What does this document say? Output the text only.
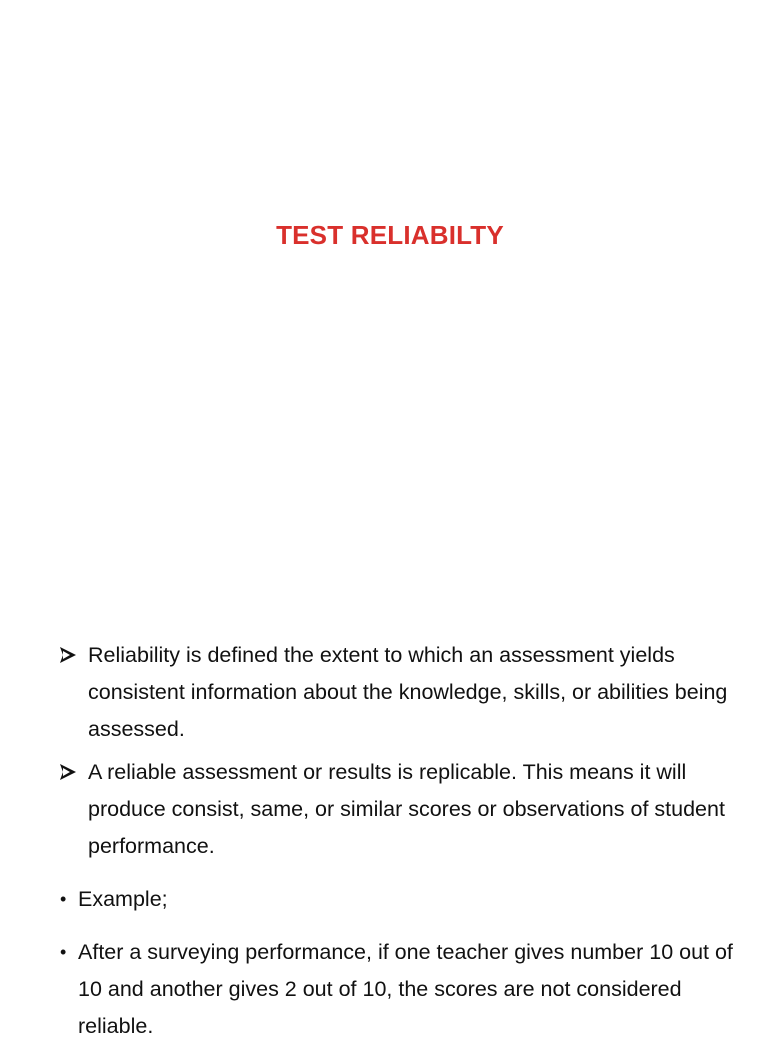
TEST RELIABILTY
Reliability is defined the extent to which an assessment yields consistent information about the knowledge, skills, or abilities being assessed.
A reliable assessment or results is replicable. This means it will produce consist, same, or similar scores or observations of student performance.
• Example;
• After a surveying performance, if one teacher gives number 10 out of 10 and another gives 2 out of 10, the scores are not considered reliable.
